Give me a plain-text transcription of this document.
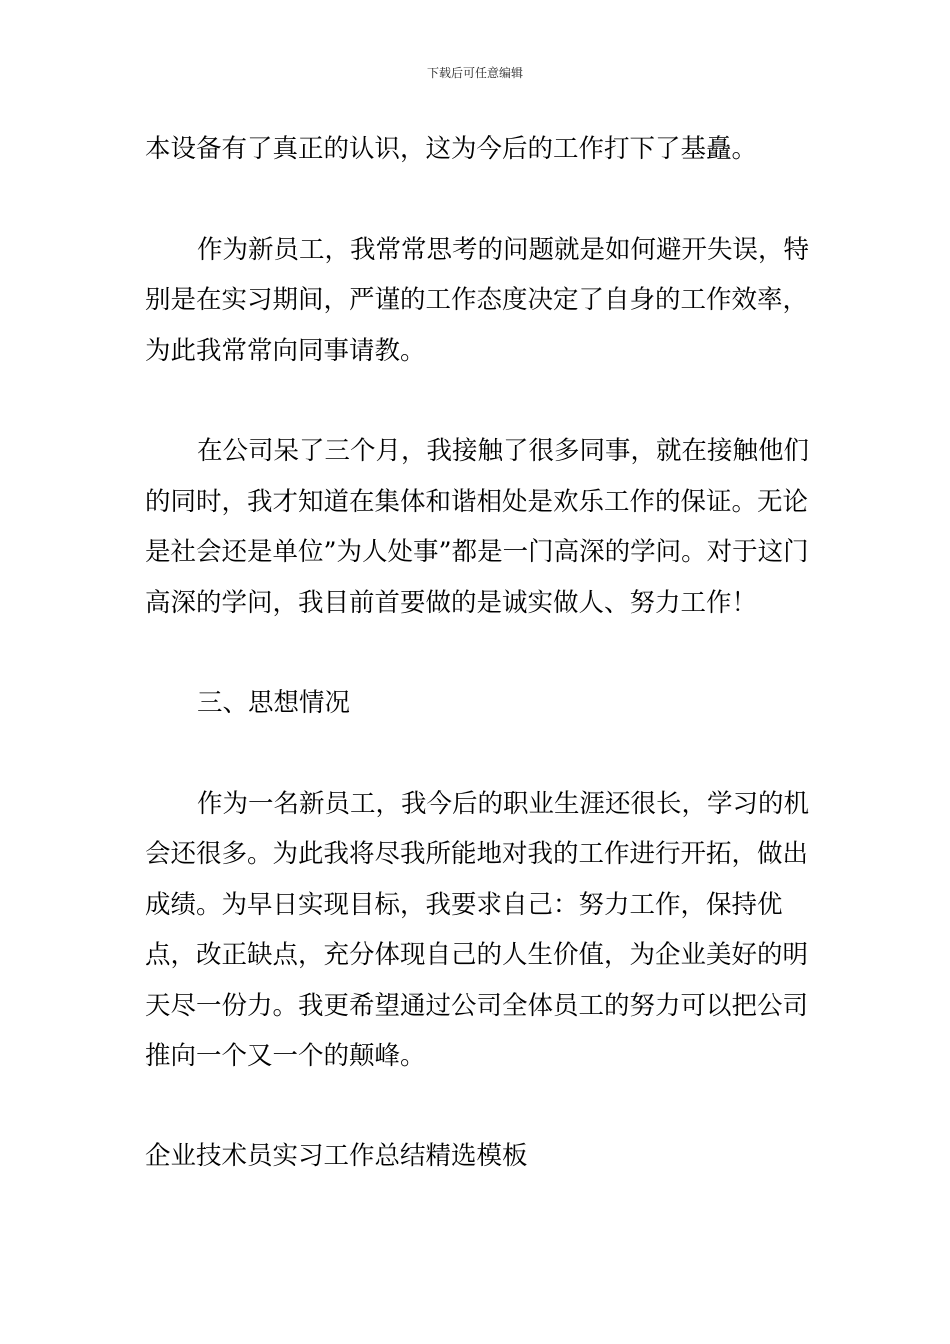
下载后可任意编辑

本设备有了真正的认识，这为今后的工作打下了基矗。

作为新员工，我常常思考的问题就是如何避开失误，特别是在实习期间，严谨的工作态度决定了自身的工作效率，为此我常常向同事请教。

在公司呆了三个月，我接触了很多同事，就在接触他们的同时，我才知道在集体和谐相处是欢乐工作的保证。无论是社会还是单位”为人处事”都是一门高深的学问。对于这门高深的学问，我目前首要做的是诚实做人、努力工作！

三、思想情况

作为一名新员工，我今后的职业生涯还很长，学习的机会还很多。为此我将尽我所能地对我的工作进行开拓，做出成绩。为早日实现目标，我要求自己：努力工作，保持优点，改正缺点，充分体现自己的人生价值，为企业美好的明天尽一份力。我更希望通过公司全体员工的努力可以把公司推向一个又一个的颠峰。

企业技术员实习工作总结精选模板
